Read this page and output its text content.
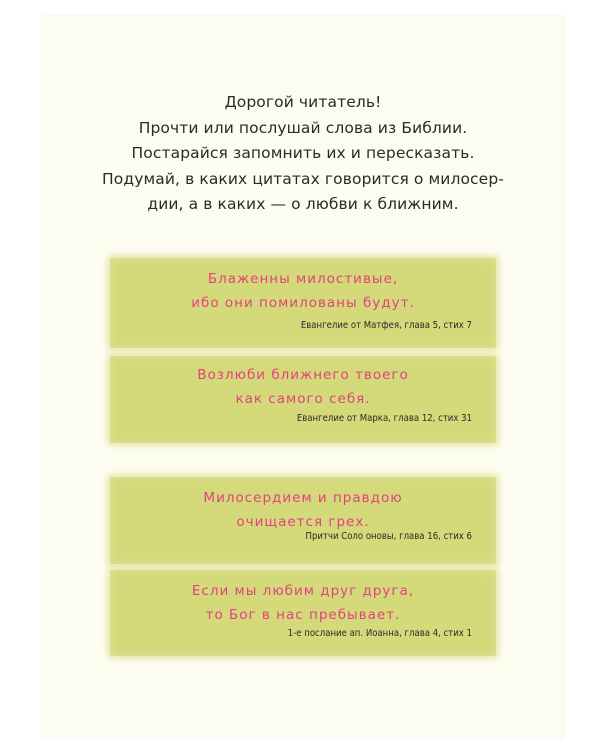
Дорогой читатель!
Прочти или послушай слова из Библии.
Постарайся запомнить их и пересказать.
Подумай, в каких цитатах говорится о милосер-
дии, а в каких — о любви к ближним.
Блаженны милостивые,
ибо они помилованы будут.
Евангелие от Матфея, глава 5, стих 7
Возлюби ближнего твоего
как самого себя.
Евангелие от Марка, глава 12, стих 31
Милосердием и правдою
очищается грех.
Притчи Соло оновы, глава 16, стих 6
Если мы любим друг друга,
то Бог в нас пребывает.
1-е послание ап. Иоанна, глава 4, стих 1
